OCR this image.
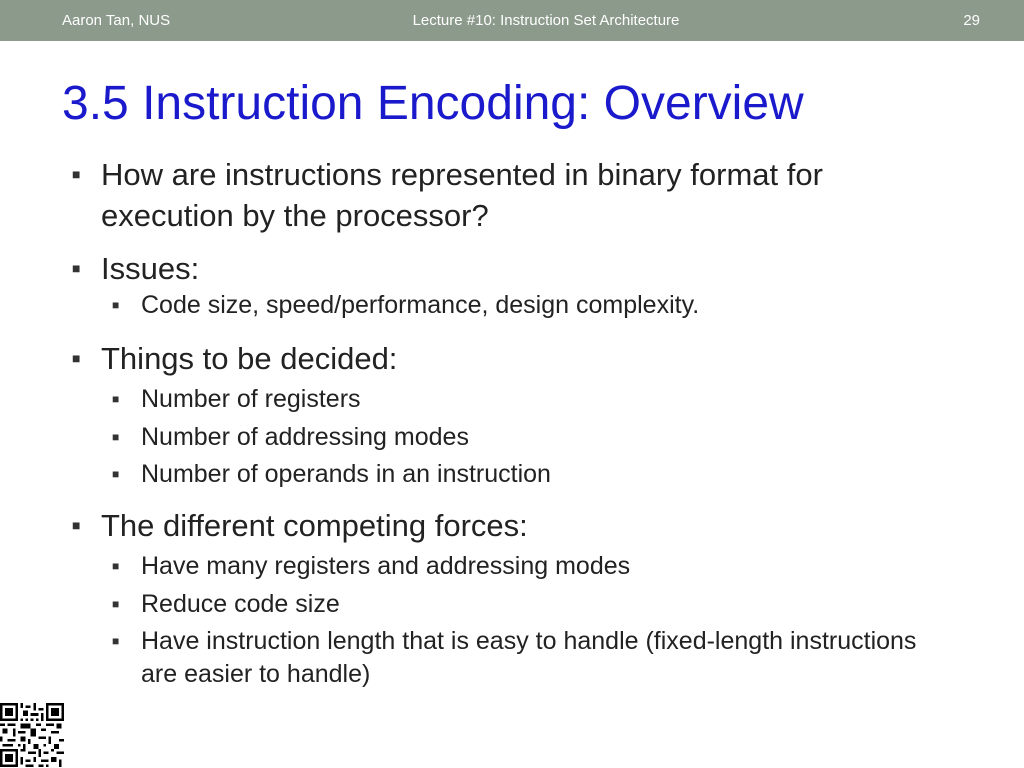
Aaron Tan, NUS	Lecture #10: Instruction Set Architecture	29
3.5 Instruction Encoding: Overview
■ How are instructions represented in binary format for execution by the processor?
■ Issues:
■ Code size, speed/performance, design complexity.
■ Things to be decided:
■ Number of registers
■ Number of addressing modes
■ Number of operands in an instruction
■ The different competing forces:
■ Have many registers and addressing modes
■ Reduce code size
■ Have instruction length that is easy to handle (fixed-length instructions are easier to handle)
